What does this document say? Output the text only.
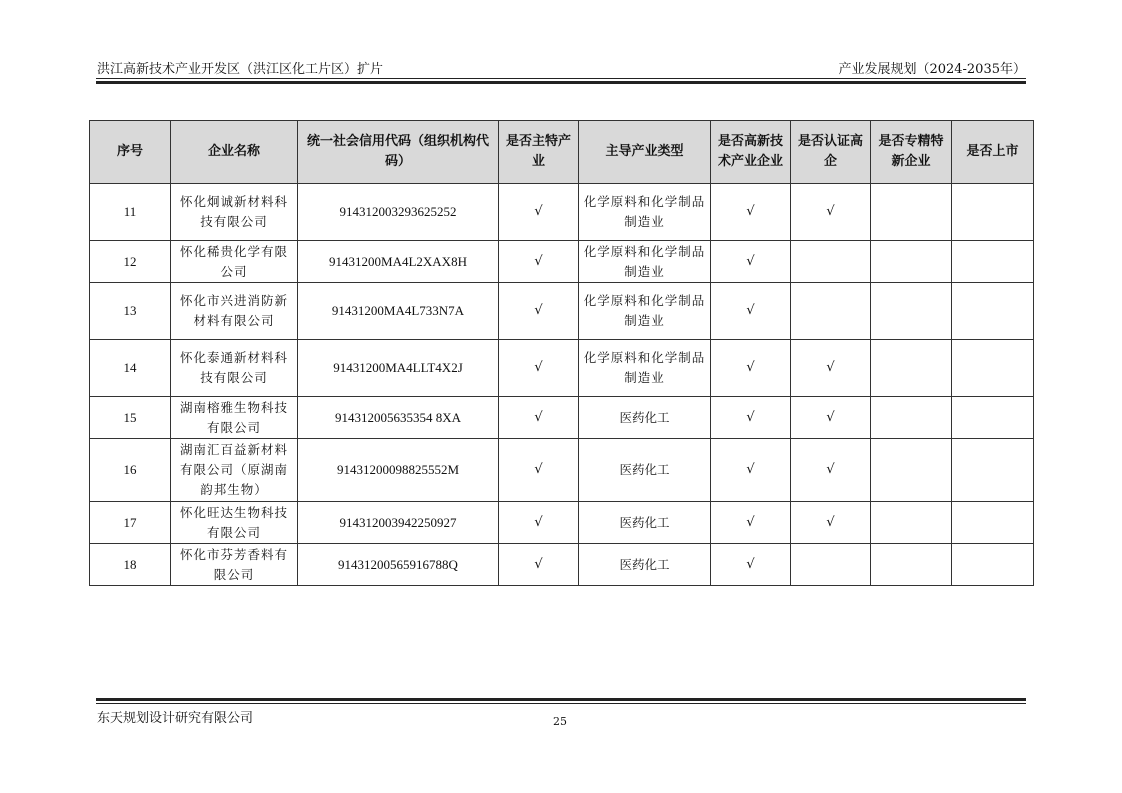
洪江高新技术产业开发区（洪江区化工片区）扩片	产业发展规划（2024-2035年）
序号	企业名称	统一社会信用代码（组织机构代码）	是否主特产业	主导产业类型	是否高新技术产业企业	是否认证高企	是否专精特新企业	是否上市
11	怀化炯诚新材料科技有限公司	914312003293625252	√	化学原料和化学制品制造业	√	√		
12	怀化稀贵化学有限公司	91431200MA4L2XAX8H	√	化学原料和化学制品制造业	√			
13	怀化市兴进消防新材料有限公司	91431200MA4L733N7A	√	化学原料和化学制品制造业	√			
14	怀化泰通新材料科技有限公司	91431200MA4LLT4X2J	√	化学原料和化学制品制造业	√	√		
15	湖南榕雅生物科技有限公司	914312005635354 8XA	√	医药化工	√	√		
16	湖南汇百益新材料有限公司（原湖南韵邦生物）	91431200098825552M	√	医药化工	√	√		
17	怀化旺达生物科技有限公司	914312003942250927	√	医药化工	√	√		
18	怀化市芬芳香料有限公司	91431200565916788Q	√	医药化工	√			
东天规划设计研究有限公司	25
